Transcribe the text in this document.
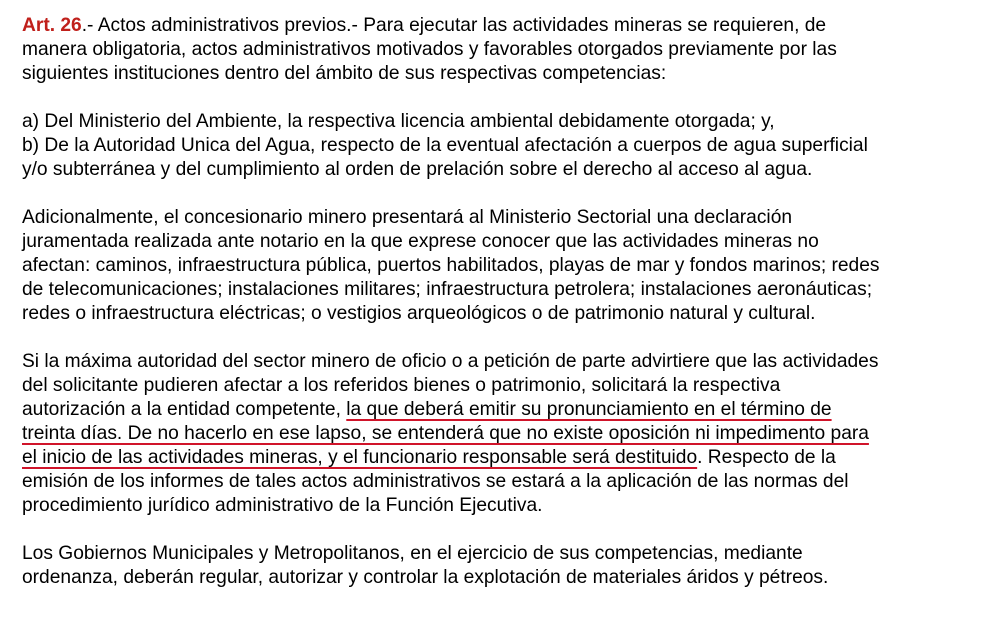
Art. 26.- Actos administrativos previos.- Para ejecutar las actividades mineras se requieren, de
manera obligatoria, actos administrativos motivados y favorables otorgados previamente por las
siguientes instituciones dentro del ámbito de sus respectivas competencias:
a) Del Ministerio del Ambiente, la respectiva licencia ambiental debidamente otorgada; y,
b) De la Autoridad Unica del Agua, respecto de la eventual afectación a cuerpos de agua superficial
y/o subterránea y del cumplimiento al orden de prelación sobre el derecho al acceso al agua.
Adicionalmente, el concesionario minero presentará al Ministerio Sectorial una declaración
juramentada realizada ante notario en la que exprese conocer que las actividades mineras no
afectan: caminos, infraestructura pública, puertos habilitados, playas de mar y fondos marinos; redes
de telecomunicaciones; instalaciones militares; infraestructura petrolera; instalaciones aeronáuticas;
redes o infraestructura eléctricas; o vestigios arqueológicos o de patrimonio natural y cultural.
Si la máxima autoridad del sector minero de oficio o a petición de parte advirtiere que las actividades
del solicitante pudieren afectar a los referidos bienes o patrimonio, solicitará la respectiva
autorización a la entidad competente, la que deberá emitir su pronunciamiento en el término de
treinta días. De no hacerlo en ese lapso, se entenderá que no existe oposición ni impedimento para
el inicio de las actividades mineras, y el funcionario responsable será destituido. Respecto de la
emisión de los informes de tales actos administrativos se estará a la aplicación de las normas del
procedimiento jurídico administrativo de la Función Ejecutiva.
Los Gobiernos Municipales y Metropolitanos, en el ejercicio de sus competencias, mediante
ordenanza, deberán regular, autorizar y controlar la explotación de materiales áridos y pétreos.
